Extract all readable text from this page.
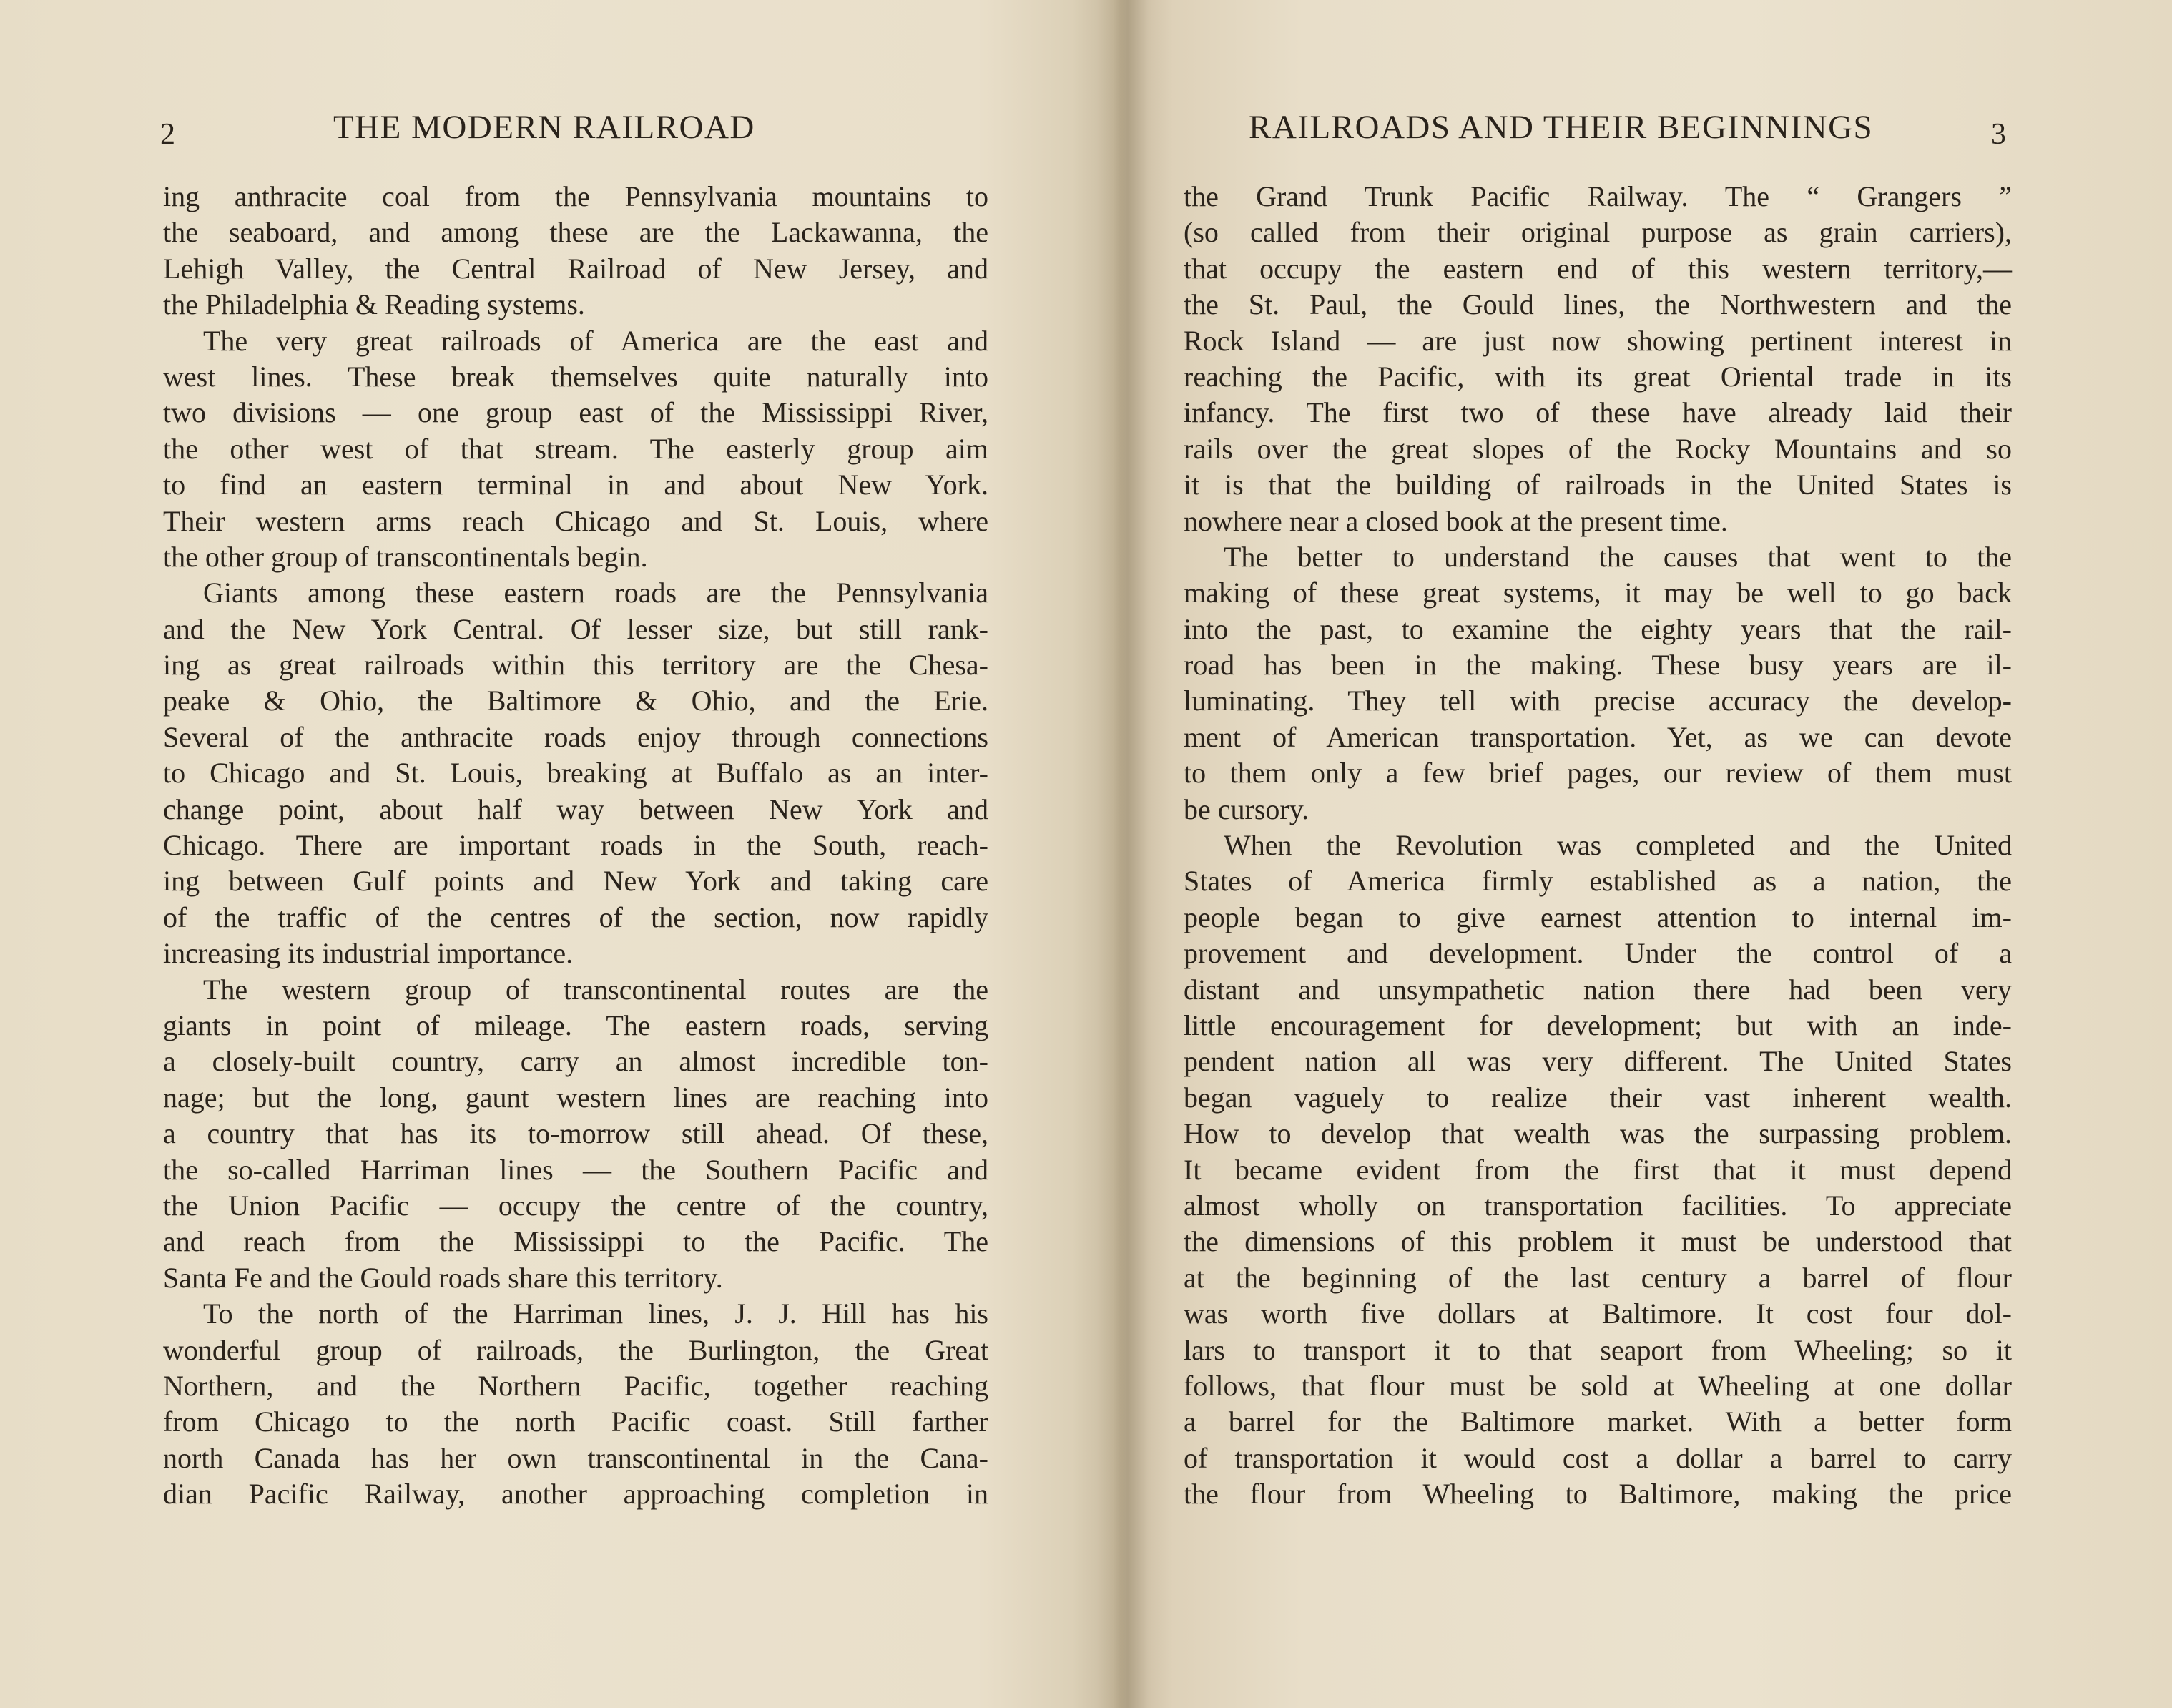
2	THE MODERN RAILROAD
ing anthracite coal from the Pennsylvania mountains to
the seaboard, and among these are the Lackawanna, the
Lehigh Valley, the Central Railroad of New Jersey, and
the Philadelphia & Reading systems.
The very great railroads of America are the east and
west lines. These break themselves quite naturally into
two divisions — one group east of the Mississippi River,
the other west of that stream. The easterly group aim
to find an eastern terminal in and about New York.
Their western arms reach Chicago and St. Louis, where
the other group of transcontinentals begin.
Giants among these eastern roads are the Pennsylvania
and the New York Central. Of lesser size, but still rank-
ing as great railroads within this territory are the Chesa-
peake & Ohio, the Baltimore & Ohio, and the Erie.
Several of the anthracite roads enjoy through connections
to Chicago and St. Louis, breaking at Buffalo as an inter-
change point, about half way between New York and
Chicago. There are important roads in the South, reach-
ing between Gulf points and New York and taking care
of the traffic of the centres of the section, now rapidly
increasing its industrial importance.
The western group of transcontinental routes are the
giants in point of mileage. The eastern roads, serving
a closely-built country, carry an almost incredible ton-
nage; but the long, gaunt western lines are reaching into
a country that has its to-morrow still ahead. Of these,
the so-called Harriman lines — the Southern Pacific and
the Union Pacific — occupy the centre of the country,
and reach from the Mississippi to the Pacific. The
Santa Fe and the Gould roads share this territory.
To the north of the Harriman lines, J. J. Hill has his
wonderful group of railroads, the Burlington, the Great
Northern, and the Northern Pacific, together reaching
from Chicago to the north Pacific coast. Still farther
north Canada has her own transcontinental in the Cana-
dian Pacific Railway, another approaching completion in
RAILROADS AND THEIR BEGINNINGS	3
the Grand Trunk Pacific Railway. The “ Grangers ”
(so called from their original purpose as grain carriers),
that occupy the eastern end of this western territory,—
the St. Paul, the Gould lines, the Northwestern and the
Rock Island — are just now showing pertinent interest in
reaching the Pacific, with its great Oriental trade in its
infancy. The first two of these have already laid their
rails over the great slopes of the Rocky Mountains and so
it is that the building of railroads in the United States is
nowhere near a closed book at the present time.
The better to understand the causes that went to the
making of these great systems, it may be well to go back
into the past, to examine the eighty years that the rail-
road has been in the making. These busy years are il-
luminating. They tell with precise accuracy the develop-
ment of American transportation. Yet, as we can devote
to them only a few brief pages, our review of them must
be cursory.
When the Revolution was completed and the United
States of America firmly established as a nation, the
people began to give earnest attention to internal im-
provement and development. Under the control of a
distant and unsympathetic nation there had been very
little encouragement for development; but with an inde-
pendent nation all was very different. The United States
began vaguely to realize their vast inherent wealth.
How to develop that wealth was the surpassing problem.
It became evident from the first that it must depend
almost wholly on transportation facilities. To appreciate
the dimensions of this problem it must be understood that
at the beginning of the last century a barrel of flour
was worth five dollars at Baltimore. It cost four dol-
lars to transport it to that seaport from Wheeling; so it
follows, that flour must be sold at Wheeling at one dollar
a barrel for the Baltimore market. With a better form
of transportation it would cost a dollar a barrel to carry
the flour from Wheeling to Baltimore, making the price
